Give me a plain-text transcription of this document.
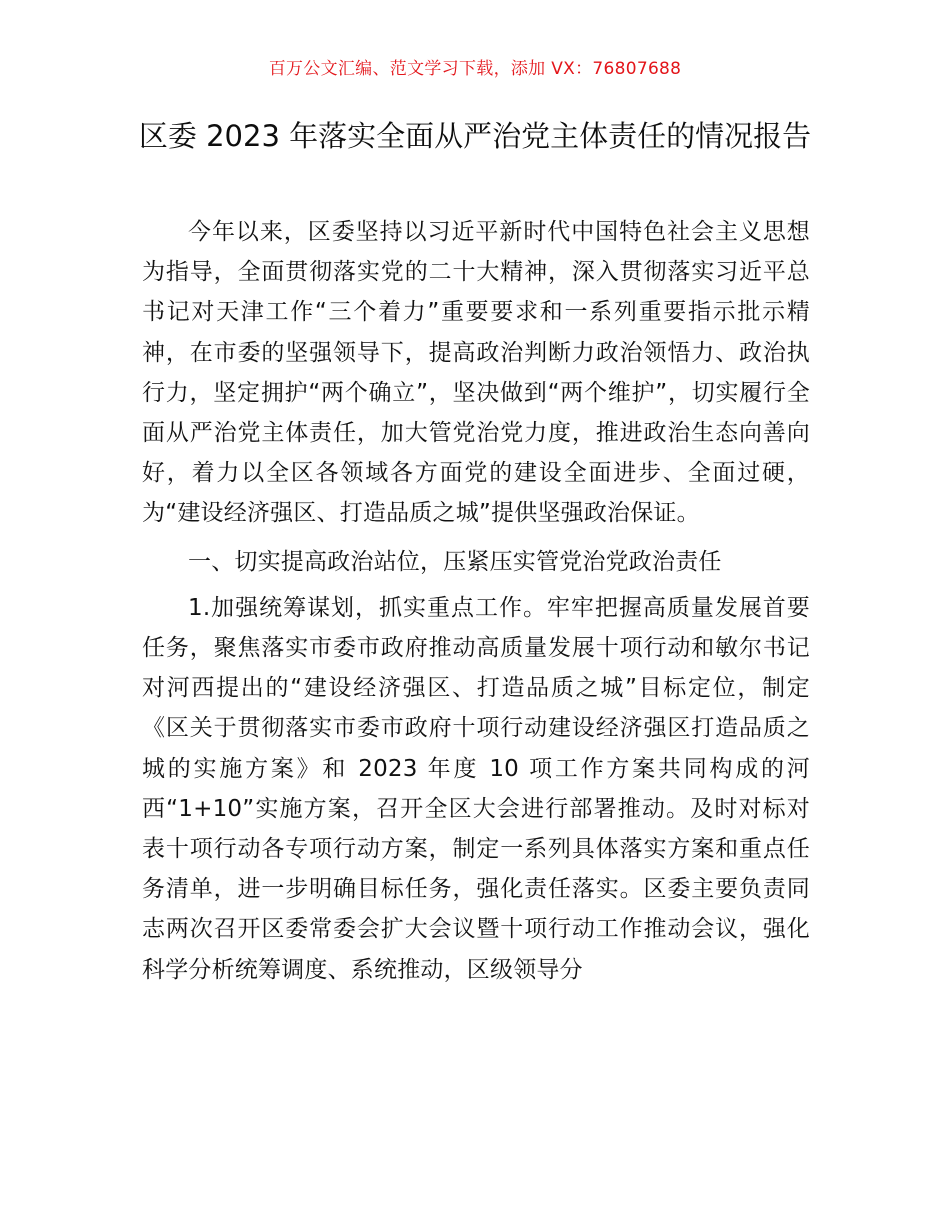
百万公文汇编、范文学习下载，添加 VX：76807688
区委 2023 年落实全面从严治党主体责任的情况报告

今年以来，区委坚持以习近平新时代中国特色社会主义思想为指导，全面贯彻落实党的二十大精神，深入贯彻落实习近平总书记对天津工作“三个着力”重要要求和一系列重要指示批示精神，在市委的坚强领导下，提高政治判断力政治领悟力、政治执行力，坚定拥护“两个确立”，坚决做到“两个维护”，切实履行全面从严治党主体责任，加大管党治党力度，推进政治生态向善向好，着力以全区各领域各方面党的建设全面进步、全面过硬，为“建设经济强区、打造品质之城”提供坚强政治保证。

一、切实提高政治站位，压紧压实管党治党政治责任

1.加强统筹谋划，抓实重点工作。牢牢把握高质量发展首要任务，聚焦落实市委市政府推动高质量发展十项行动和敏尔书记对河西提出的“建设经济强区、打造品质之城”目标定位，制定《区关于贯彻落实市委市政府十项行动建设经济强区打造品质之城的实施方案》和 2023 年度 10 项工作方案共同构成的河西“1+10”实施方案，召开全区大会进行部署推动。及时对标对表十项行动各专项行动方案，制定一系列具体落实方案和重点任务清单，进一步明确目标任务，强化责任落实。区委主要负责同志两次召开区委常委会扩大会议暨十项行动工作推动会议，强化科学分析统筹调度、系统推动，区级领导分
